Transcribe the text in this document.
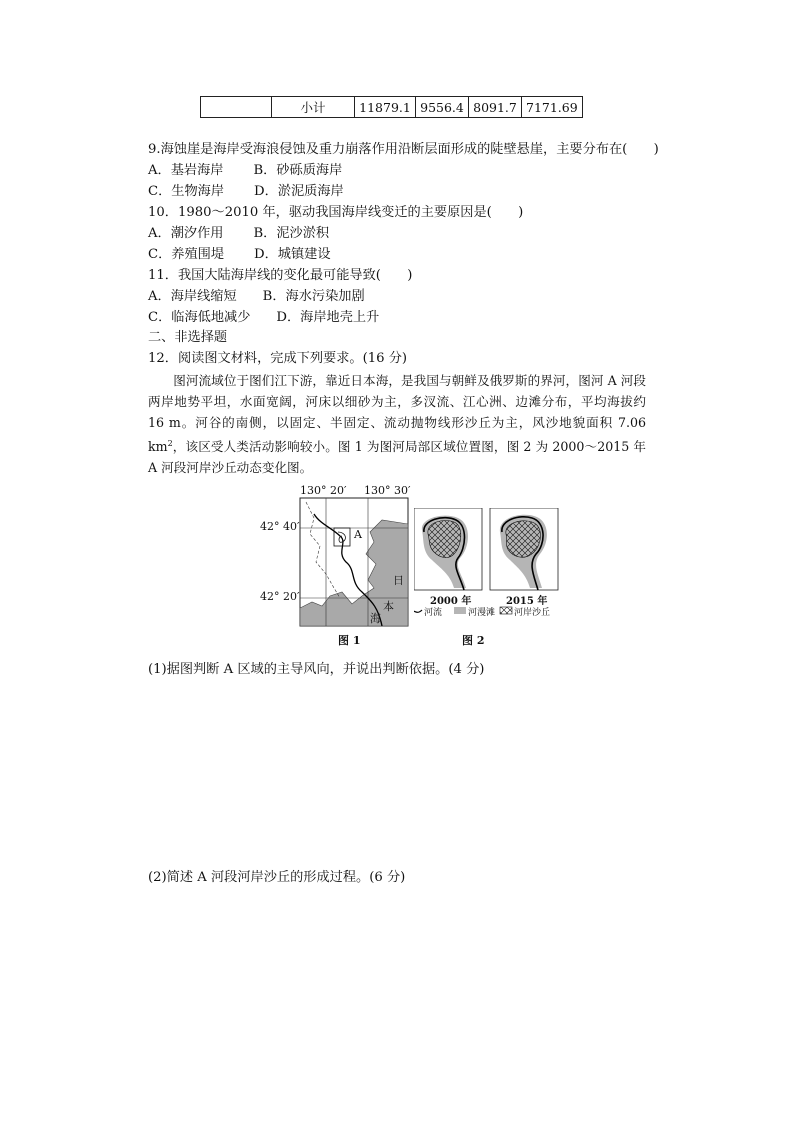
	小计	11879.1	9556.4	8091.7	7171.69
9.海蚀崖是海岸受海浪侵蚀及重力崩落作用沿断层面形成的陡壁悬崖，主要分布在(　　)
A．基岩海岸 B．砂砾质海岸
C．生物海岸 D．淤泥质海岸
10．1980～2010 年，驱动我国海岸线变迁的主要原因是(　　)
A．潮汐作用 B．泥沙淤积
C．养殖围堤 D．城镇建设
11．我国大陆海岸线的变化最可能导致(　　)
A．海岸线缩短 B．海水污染加剧
C．临海低地减少 D．海岸地壳上升
二、非选择题
12．阅读图文材料，完成下列要求。(16 分)
图河流域位于图们江下游，靠近日本海，是我国与朝鲜及俄罗斯的界河，图河 A 河段两岸地势平坦，水面宽阔，河床以细砂为主，多汊流、江心洲、边滩分布，平均海拔约 16 m。河谷的南侧，以固定、半固定、流动抛物线形沙丘为主，风沙地貌面积 7.06 $km^2$，该区受人类活动影响较小。图 1 为图河局部区域位置图，图 2 为 2000～2015 年 A 河段河岸沙丘动态变化图。
130° 20′ 130° 30′
42° 40′
42° 20′
A
日
本
海
图 1
2000 年	2015 年
河流	河漫滩 河岸沙丘
图 2
(1)据图判断 A 区域的主导风向，并说出判断依据。(4 分)
(2)简述 A 河段河岸沙丘的形成过程。(6 分)
